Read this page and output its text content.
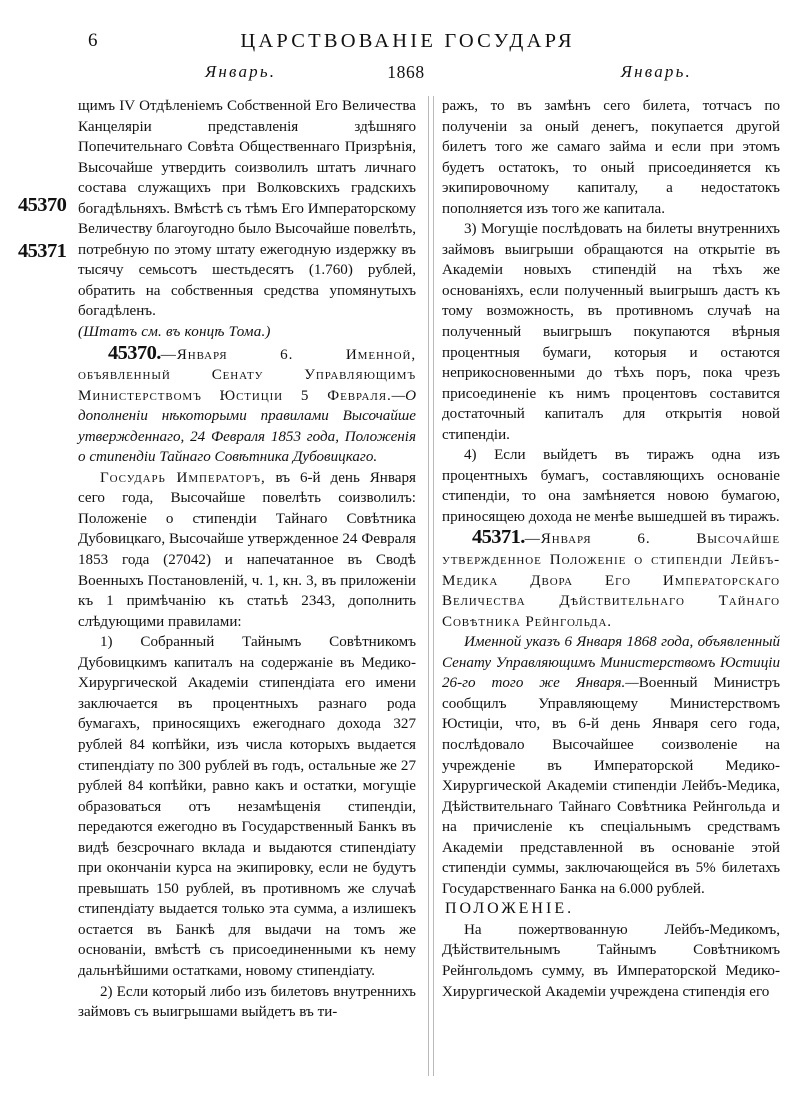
6	ЦАРСТВОВАНIЕ ГОСУДАРЯ
Январь.	1868	Январь.
45370
45371

щимъ IV Отдѣленiемъ Собственной Его Величества Канцелярiи представленiя здѣшняго Попечительнаго Совѣта Общественнаго Призрѣнiя, Высочайше утвердить соизволилъ штатъ личнаго состава служащихъ при Волковскихъ градскихъ богадѣльняхъ. Вмѣстѣ съ тѣмъ Его Императорскому Величеству благоугодно было Высочайше повелѣть, потребную по этому штату ежегодную издержку въ тысячу семьсотъ шестьдесятъ (1.760) рублей, обратить на собственныя средства упомянутыхъ богадѣленъ.

(Штатъ см. въ концѣ Тома.)

45370.—Января 6. Именной, объявленный Сенату Управляющимъ Министерствомъ Юстицiи 5 Февраля.—О дополненiи нѣкоторыми правилами Высочайше утвержденнаго, 24 Февраля 1853 года, Положенiя о стипендiи Тайнаго Совѣтника Дубовицкаго.

Государь Императоръ, въ 6-й день Января сего года, Высочайше повелѣть соизволилъ: Положенiе о стипендiи Тайнаго Совѣтника Дубовицкаго, Высочайше утвержденное 24 Февраля 1853 года (27042) и напечатанное въ Сводѣ Военныхъ Постановленiй, ч. 1, кн. 3, въ приложенiи къ 1 примѣчанiю къ статьѣ 2343, дополнить слѣдующими правилами:

1) Собранный Тайнымъ Совѣтникомъ Дубовицкимъ капиталъ на содержанiе въ Медико-Хирургической Академiи стипендiата его имени заключается въ процентныхъ разнаго рода бумагахъ, приносящихъ ежегоднаго дохода 327 рублей 84 копѣйки, изъ числа которыхъ выдается стипендiату по 300 рублей въ годъ, остальные же 27 рублей 84 копѣйки, равно какъ и остатки, могущiе образоваться отъ незамѣщенiя стипендiи, передаются ежегодно въ Государственный Банкъ въ видѣ безсрочнаго вклада и выдаются стипендiату при окончанiи курса на экипировку, если не будутъ превышать 150 рублей, въ противномъ же случаѣ стипендiату выдается только эта сумма, а излишекъ остается въ Банкѣ для выдачи на томъ же основанiи, вмѣстѣ съ присоединенными къ нему дальнѣйшими остатками, новому стипендiату.

2) Если который либо изъ билетовъ внутреннихъ займовъ съ выигрышами выйдетъ въ ти-

ражъ, то въ замѣнъ сего билета, тотчасъ по полученiи за оный денегъ, покупается другой билетъ того же самаго займа и если при этомъ будетъ остатокъ, то оный присоединяется къ экипировочному капиталу, а недостатокъ пополняется изъ того же капитала.

3) Могущiе послѣдовать на билеты внутреннихъ займовъ выигрыши обращаются на открытiе въ Академiи новыхъ стипендiй на тѣхъ же основанiяхъ, если полученный выигрышъ дастъ къ тому возможность, въ противномъ случаѣ на полученный выигрышъ покупаются вѣрныя процентныя бумаги, которыя и остаются неприкосновенными до тѣхъ поръ, пока чрезъ присоединенiе къ нимъ процентовъ составится достаточный капиталъ для открытiя новой стипендiи.

4) Если выйдетъ въ тиражъ одна изъ процентныхъ бумагъ, составляющихъ основанiе стипендiи, то она замѣняется новою бумагою, приносящею дохода не менѣе вышедшей въ тиражъ.

45371.—Января 6. Высочайше утвержденное Положенiе о стипендiи Лейбъ-Медика Двора Его Императорскаго Величества Дѣйствительнаго Тайнаго Совѣтника Рейнгольда.

Именной указъ 6 Января 1868 года, объявленный Сенату Управляющимъ Министерствомъ Юстицiи 26-го того же Января.—Военный Министръ сообщилъ Управляющему Министерствомъ Юстицiи, что, въ 6-й день Января сего года, послѣдовало Высочайшее соизволенiе на учрежденiе въ Императорской Медико-Хирургической Академiи стипендiи Лейбъ-Медика, Дѣйствительнаго Тайнаго Совѣтника Рейнгольда и на причисленiе къ спецiальнымъ средствамъ Академiи представленной въ основанiе этой стипендiи суммы, заключающейся въ 5% билетахъ Государственнаго Банка на 6.000 рублей.

ПОЛОЖЕНIЕ.

На пожертвованную Лейбъ-Медикомъ, Дѣйствительнымъ Тайнымъ Совѣтникомъ Рейнгольдомъ сумму, въ Императорской Медико-Хирургической Академiи учреждена стипендiя его
